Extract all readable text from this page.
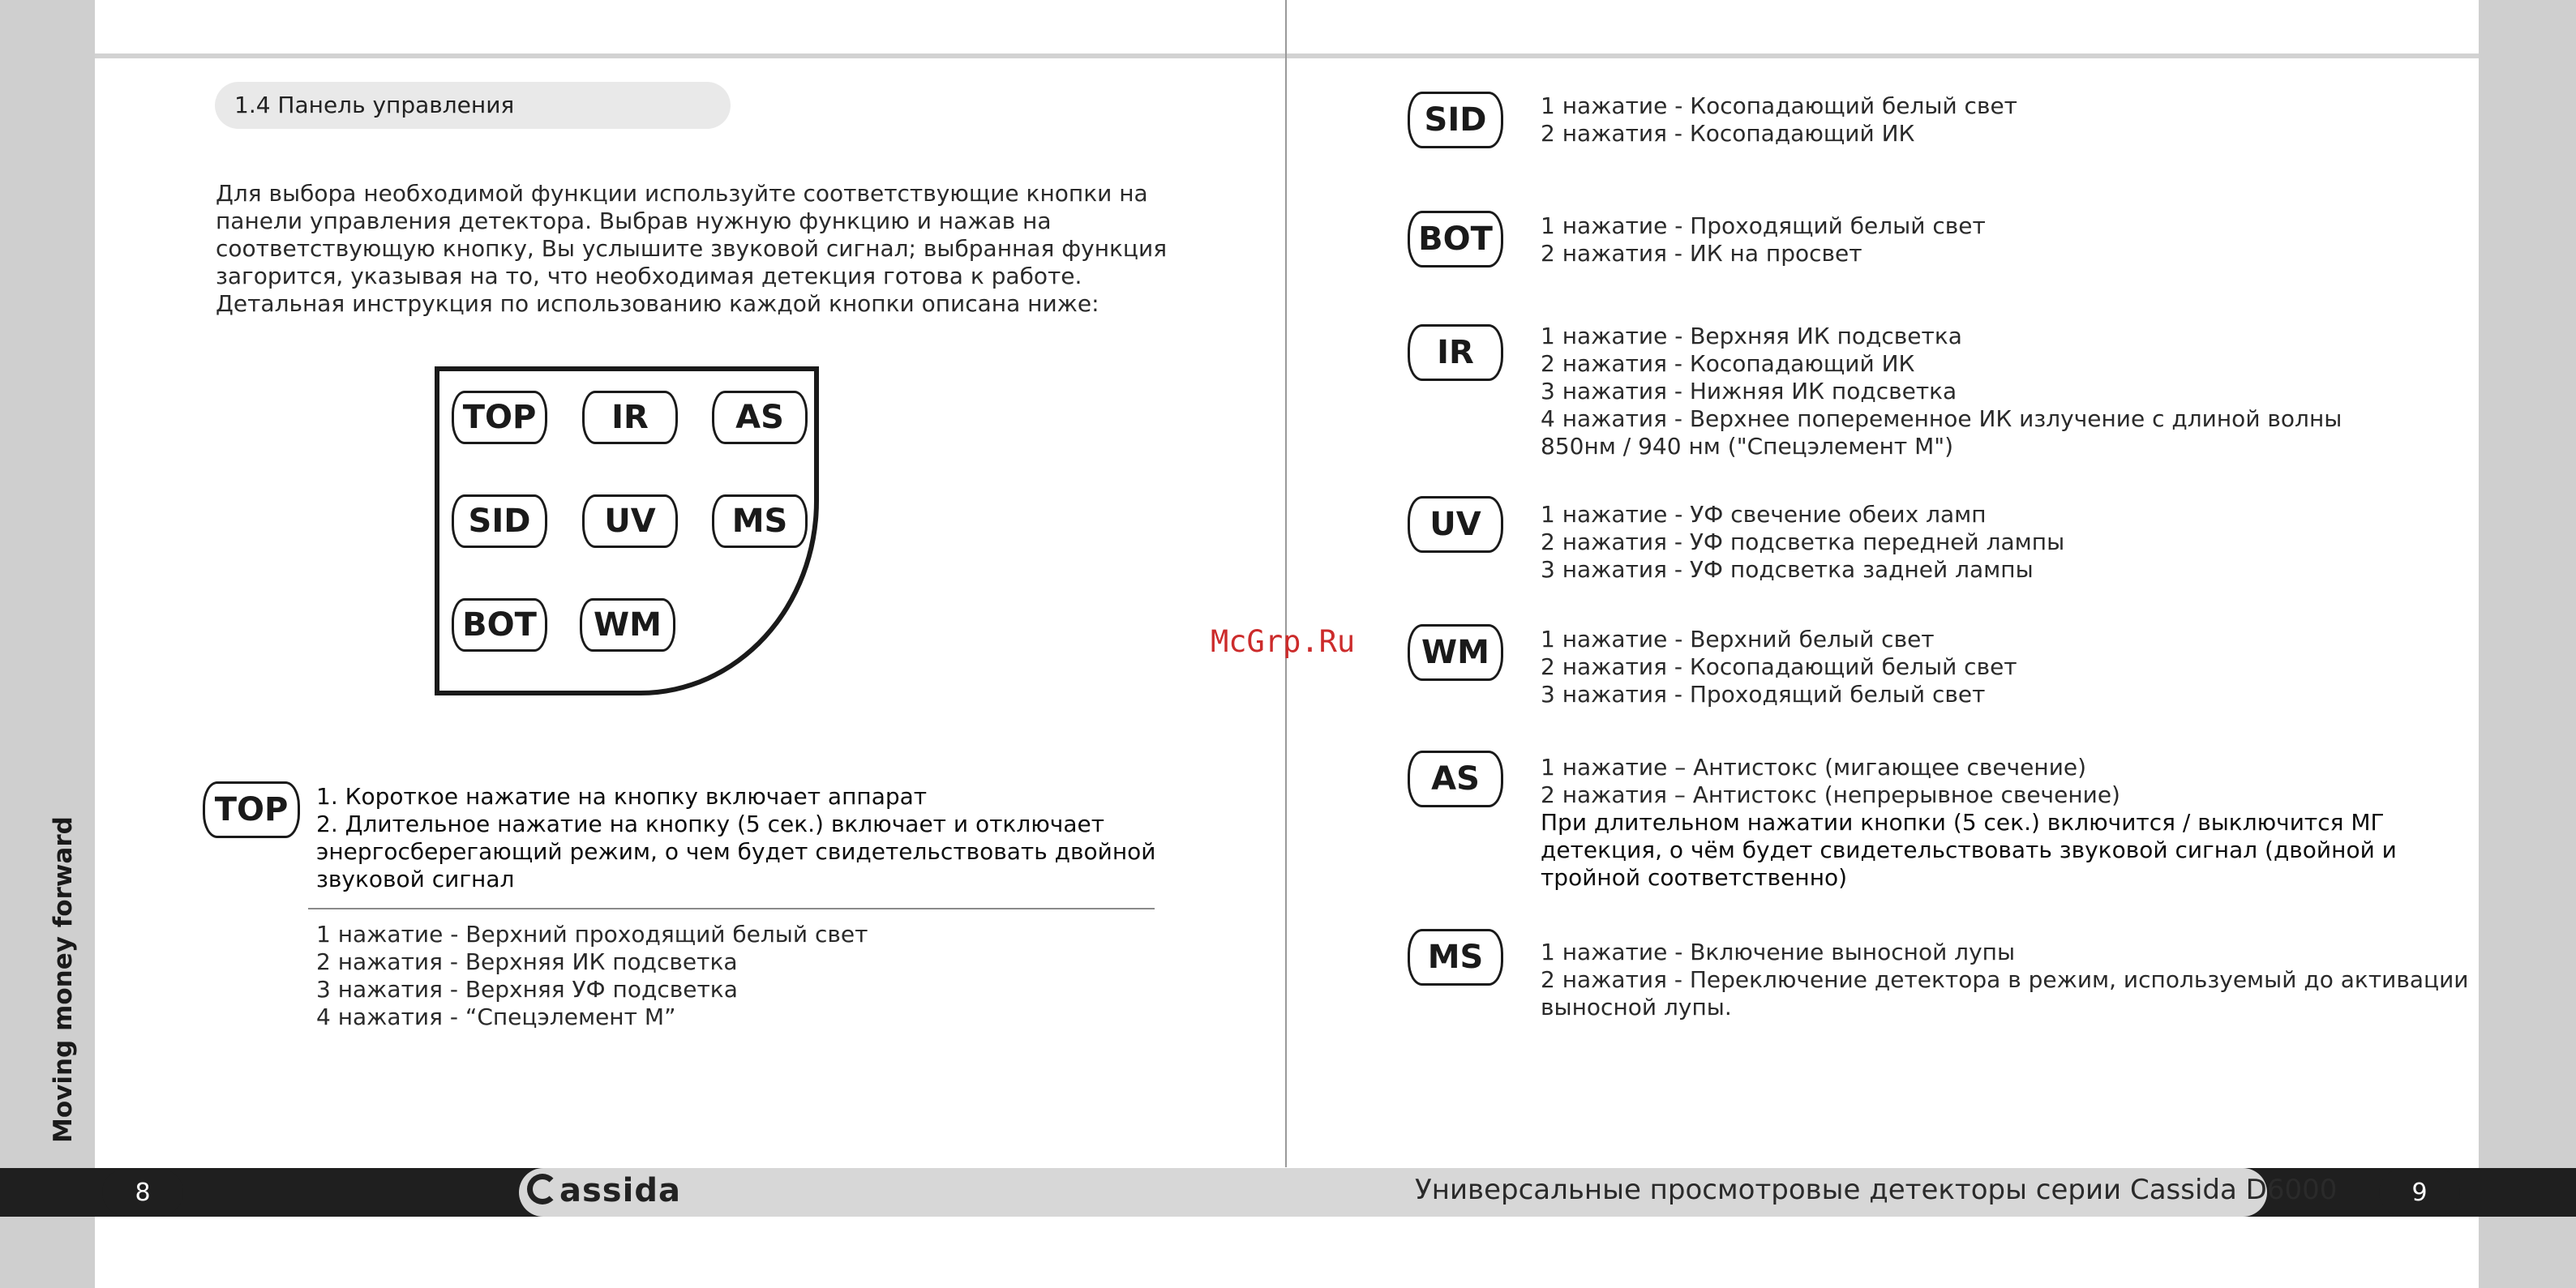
8	9
Moving money forward
assida	Универсальные просмотровые детекторы серии Cassida D6000
McGrp.Ru
1.4 Панель управления
Для выбора необходимой функции используйте соответствующие кнопки на панели управления детектора. Выбрав нужную функцию и нажав на соответствующую кнопку, Вы услышите звуковой сигнал; выбранная функция загорится, указывая на то, что необходимая детекция готова к работе. Детальная инструкция по использованию каждой кнопки описана ниже:
TOP	IR	AS
SID	UV	MS
BOT	WM
TOP	1. Короткое нажатие на кнопку включает аппарат
2. Длительное нажатие на кнопку (5 сек.) включает и отключает
энергосберегающий режим, о чем будет свидетельствовать двойной
звуковой сигнал
1 нажатие - Верхний проходящий белый свет
2 нажатия - Верхняя ИК подсветка
3 нажатия - Верхняя УФ подсветка
4 нажатия - “Спецэлемент М”
SID	1 нажатие - Косопадающий белый свет
2 нажатия - Косопадающий ИК
BOT	1 нажатие - Проходящий белый свет
2 нажатия - ИК на просвет
IR	1 нажатие - Верхняя ИК подсветка
2 нажатия - Косопадающий ИК
3 нажатия - Нижняя ИК подсветка
4 нажатия - Верхнее попеременное ИК излучение с длиной волны
850нм / 940 нм ("Спецэлемент М")
UV	1 нажатие - УФ свечение обеих ламп
2 нажатия - УФ подсветка передней лампы
3 нажатия - УФ подсветка задней лампы
WM	1 нажатие - Верхний белый свет
2 нажатия - Косопадающий белый свет
3 нажатия - Проходящий белый свет
AS	1 нажатие – Антистокс (мигающее свечение)
2 нажатия – Антистокс (непрерывное свечение)
При длительном нажатии кнопки (5 сек.) включится / выключится МГ
детекция, о чём будет свидетельствовать звуковой сигнал (двойной и
тройной соответственно)
MS	1 нажатие - Включение выносной лупы
2 нажатия - Переключение детектора в режим, используемый до активации
выносной лупы.
